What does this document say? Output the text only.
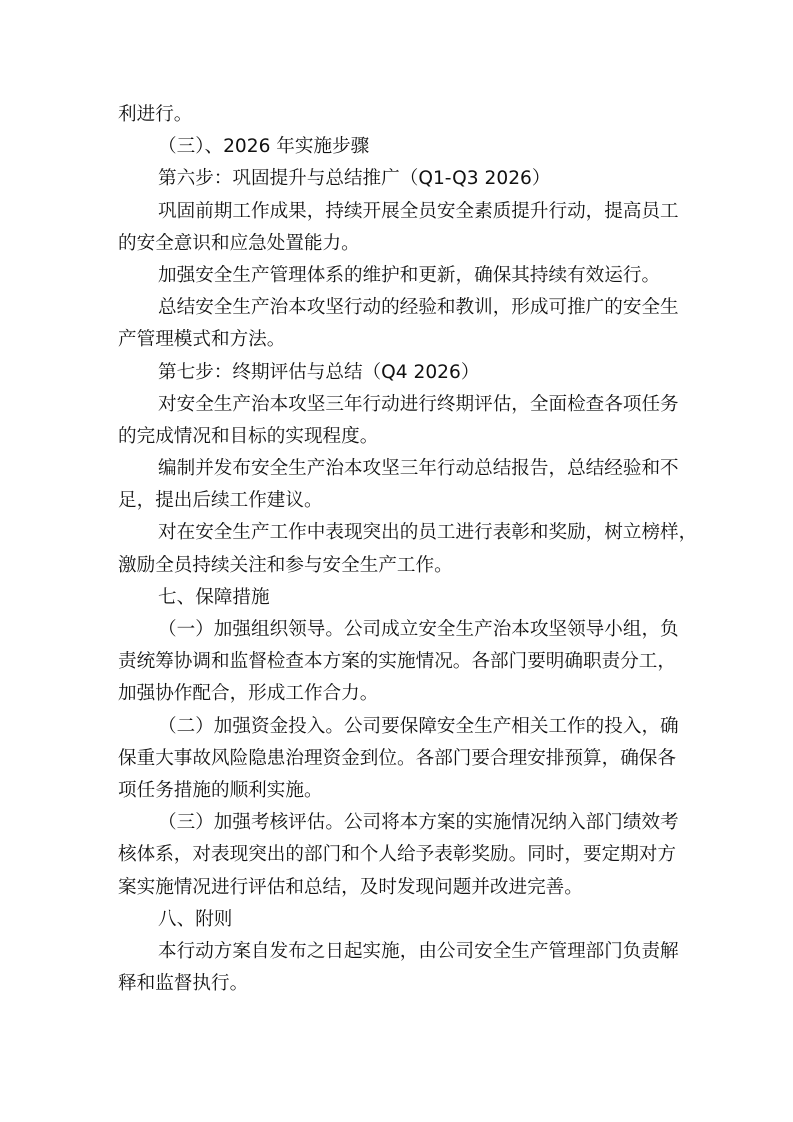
利进行。
（三）、2026 年实施步骤
第六步：巩固提升与总结推广（Q1-Q3 2026）
巩固前期工作成果，持续开展全员安全素质提升行动，提高员工
的安全意识和应急处置能力。
加强安全生产管理体系的维护和更新，确保其持续有效运行。
总结安全生产治本攻坚行动的经验和教训，形成可推广的安全生
产管理模式和方法。
第七步：终期评估与总结（Q4 2026）
对安全生产治本攻坚三年行动进行终期评估，全面检查各项任务
的完成情况和目标的实现程度。
编制并发布安全生产治本攻坚三年行动总结报告，总结经验和不
足，提出后续工作建议。
对在安全生产工作中表现突出的员工进行表彰和奖励，树立榜样，
激励全员持续关注和参与安全生产工作。
七、保障措施
（一）加强组织领导。公司成立安全生产治本攻坚领导小组，负
责统筹协调和监督检查本方案的实施情况。各部门要明确职责分工，
加强协作配合，形成工作合力。
（二）加强资金投入。公司要保障安全生产相关工作的投入，确
保重大事故风险隐患治理资金到位。各部门要合理安排预算，确保各
项任务措施的顺利实施。
（三）加强考核评估。公司将本方案的实施情况纳入部门绩效考
核体系，对表现突出的部门和个人给予表彰奖励。同时，要定期对方
案实施情况进行评估和总结，及时发现问题并改进完善。
八、附则
本行动方案自发布之日起实施，由公司安全生产管理部门负责解
释和监督执行。
